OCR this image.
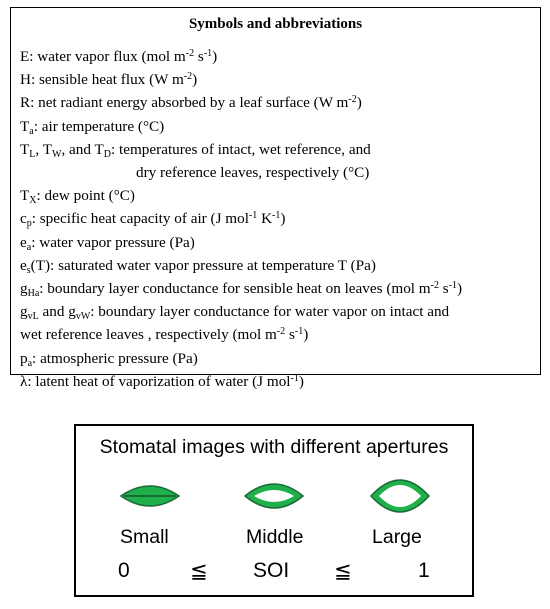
Symbols and abbreviations
E: water vapor flux (mol $m^{-2}$ $s^{-1}$)
H: sensible heat flux (W $m^{-2}$)
R: net radiant energy absorbed by a leaf surface (W $m^{-2}$)
$T_a$: air temperature (°C)
$T_L$, $T_W$, and $T_D$: temperatures of intact, wet reference, and
dry reference leaves, respectively (°C)
$T_X$: dew point (°C)
$c_p$: specific heat capacity of air (J mol$^{-1}$ $K^{-1}$)
$e_a$: water vapor pressure (Pa)
$e_s(T)$: saturated water vapor pressure at temperature T (Pa)
$g_{Ha}$: boundary layer conductance for sensible heat on leaves (mol $m^{-2}$ $s^{-1}$)
$g_{vL}$ and $g_{vW}$: boundary layer conductance for water vapor on intact and
wet reference leaves , respectively (mol $m^{-2}$ $s^{-1}$)
$p_a$: atmospheric pressure (Pa)
λ: latent heat of vaporization of water (J mol$^{-1}$)
Stomatal images with different apertures
Small	Middle	Large
0	≦ SOI ≦	1
